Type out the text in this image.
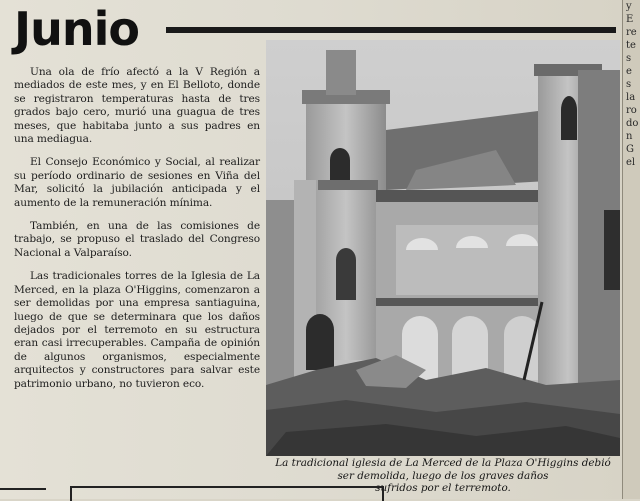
y
E
re
te
s
e
s
la
ro
do
n
G
el
Junio

Una ola de frío afectó a la V Región a mediados de este mes, y en El Belloto, donde se registraron temperaturas hasta de tres grados bajo cero, murió una guagua de tres meses, que habitaba junto a sus padres en una mediagua.

El Consejo Económico y Social, al realizar su período ordinario de sesiones en Viña del Mar, solicitó la jubilación anticipada y el aumento de la remuneración mínima.

También, en una de las comisiones de trabajo, se propuso el traslado del Congreso Nacional a Valparaíso.

Las tradicionales torres de la Iglesia de La Merced, en la plaza O'Higgins, comenzaron a ser demolidas por una empresa santiaguina, luego de que se determinara que los daños dejados por el terremoto en su estructura eran casi irrecuperables. Campaña de opinión de algunos organismos, especialmente arquitectos y constructores para salvar este patrimonio urbano, no tuvieron eco.

La tradicional iglesia de La Merced de la Plaza O'Higgins debió
ser demolida, luego de los graves daños
sufridos por el terremoto.
